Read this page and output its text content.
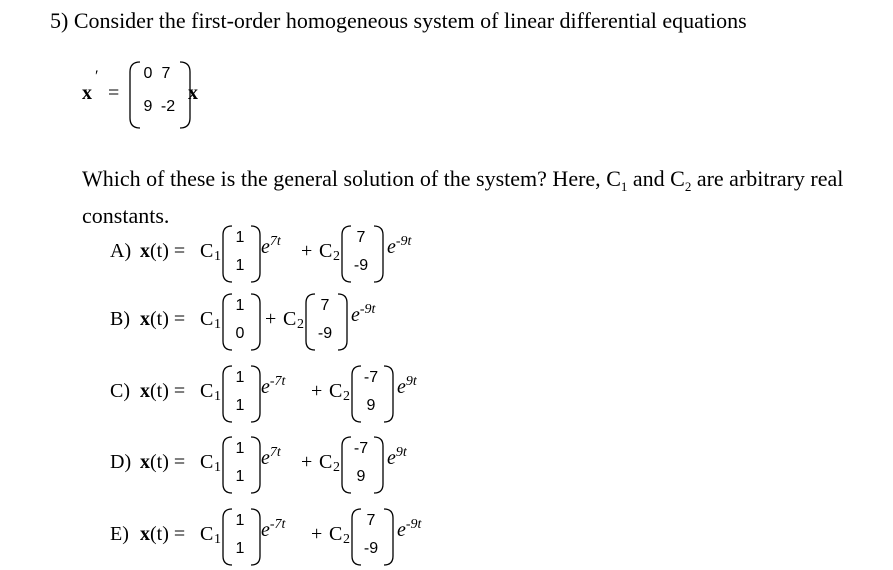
5) Consider the first-order homogeneous system of linear differential equations
x
′
=
0 7
9 -2
x
Which of these is the general solution of the system? Here, $C_1$ and $C_2$ are arbitrary real
constants.
A) x(t) = C 1
1
1
$e^{7t} + C$ 2
7
-9
$e^{-9t}$
B) x(t) = C 1
1
0
+ C 2
7
-9
$e^{-9t}$
C) x(t) = C 1
1
1
$e^{-7t} + C$ 2
-7
9
$e^{9t}$
D) x(t) = C 1
1
1
$e^{7t} + C$ 2
-7
9
$e^{9t}$
E) x(t) = C 1
1
1
$e^{-7t} + C$ 2
7
-9
$e^{-9t}$
